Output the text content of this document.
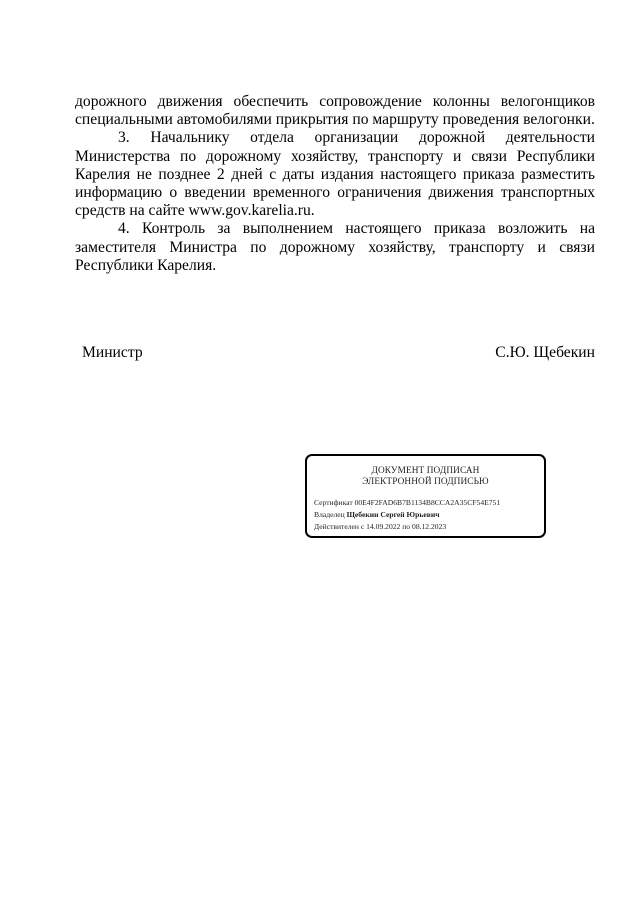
дорожного движения обеспечить сопровождение колонны велогонщиков специальными автомобилями прикрытия по маршруту проведения велогонки.

3. Начальнику отдела организации дорожной деятельности Министерства по дорожному хозяйству, транспорту и связи Республики Карелия не позднее 2 дней с даты издания настоящего приказа разместить информацию о введении временного ограничения движения транспортных средств на сайте www.gov.karelia.ru.

4. Контроль за выполнением настоящего приказа возложить на заместителя Министра по дорожному хозяйству, транспорту и связи Республики Карелия.

Министр	С.Ю. Щебекин
ДОКУМЕНТ ПОДПИСАН
ЭЛЕКТРОННОЙ ПОДПИСЬЮ
Сертификат 00E4F2FAD6B7B1134B8CCA2A35CF54E751
Владелец Щебекин Сергей Юрьевич
Действителен с 14.09.2022 по 08.12.2023
